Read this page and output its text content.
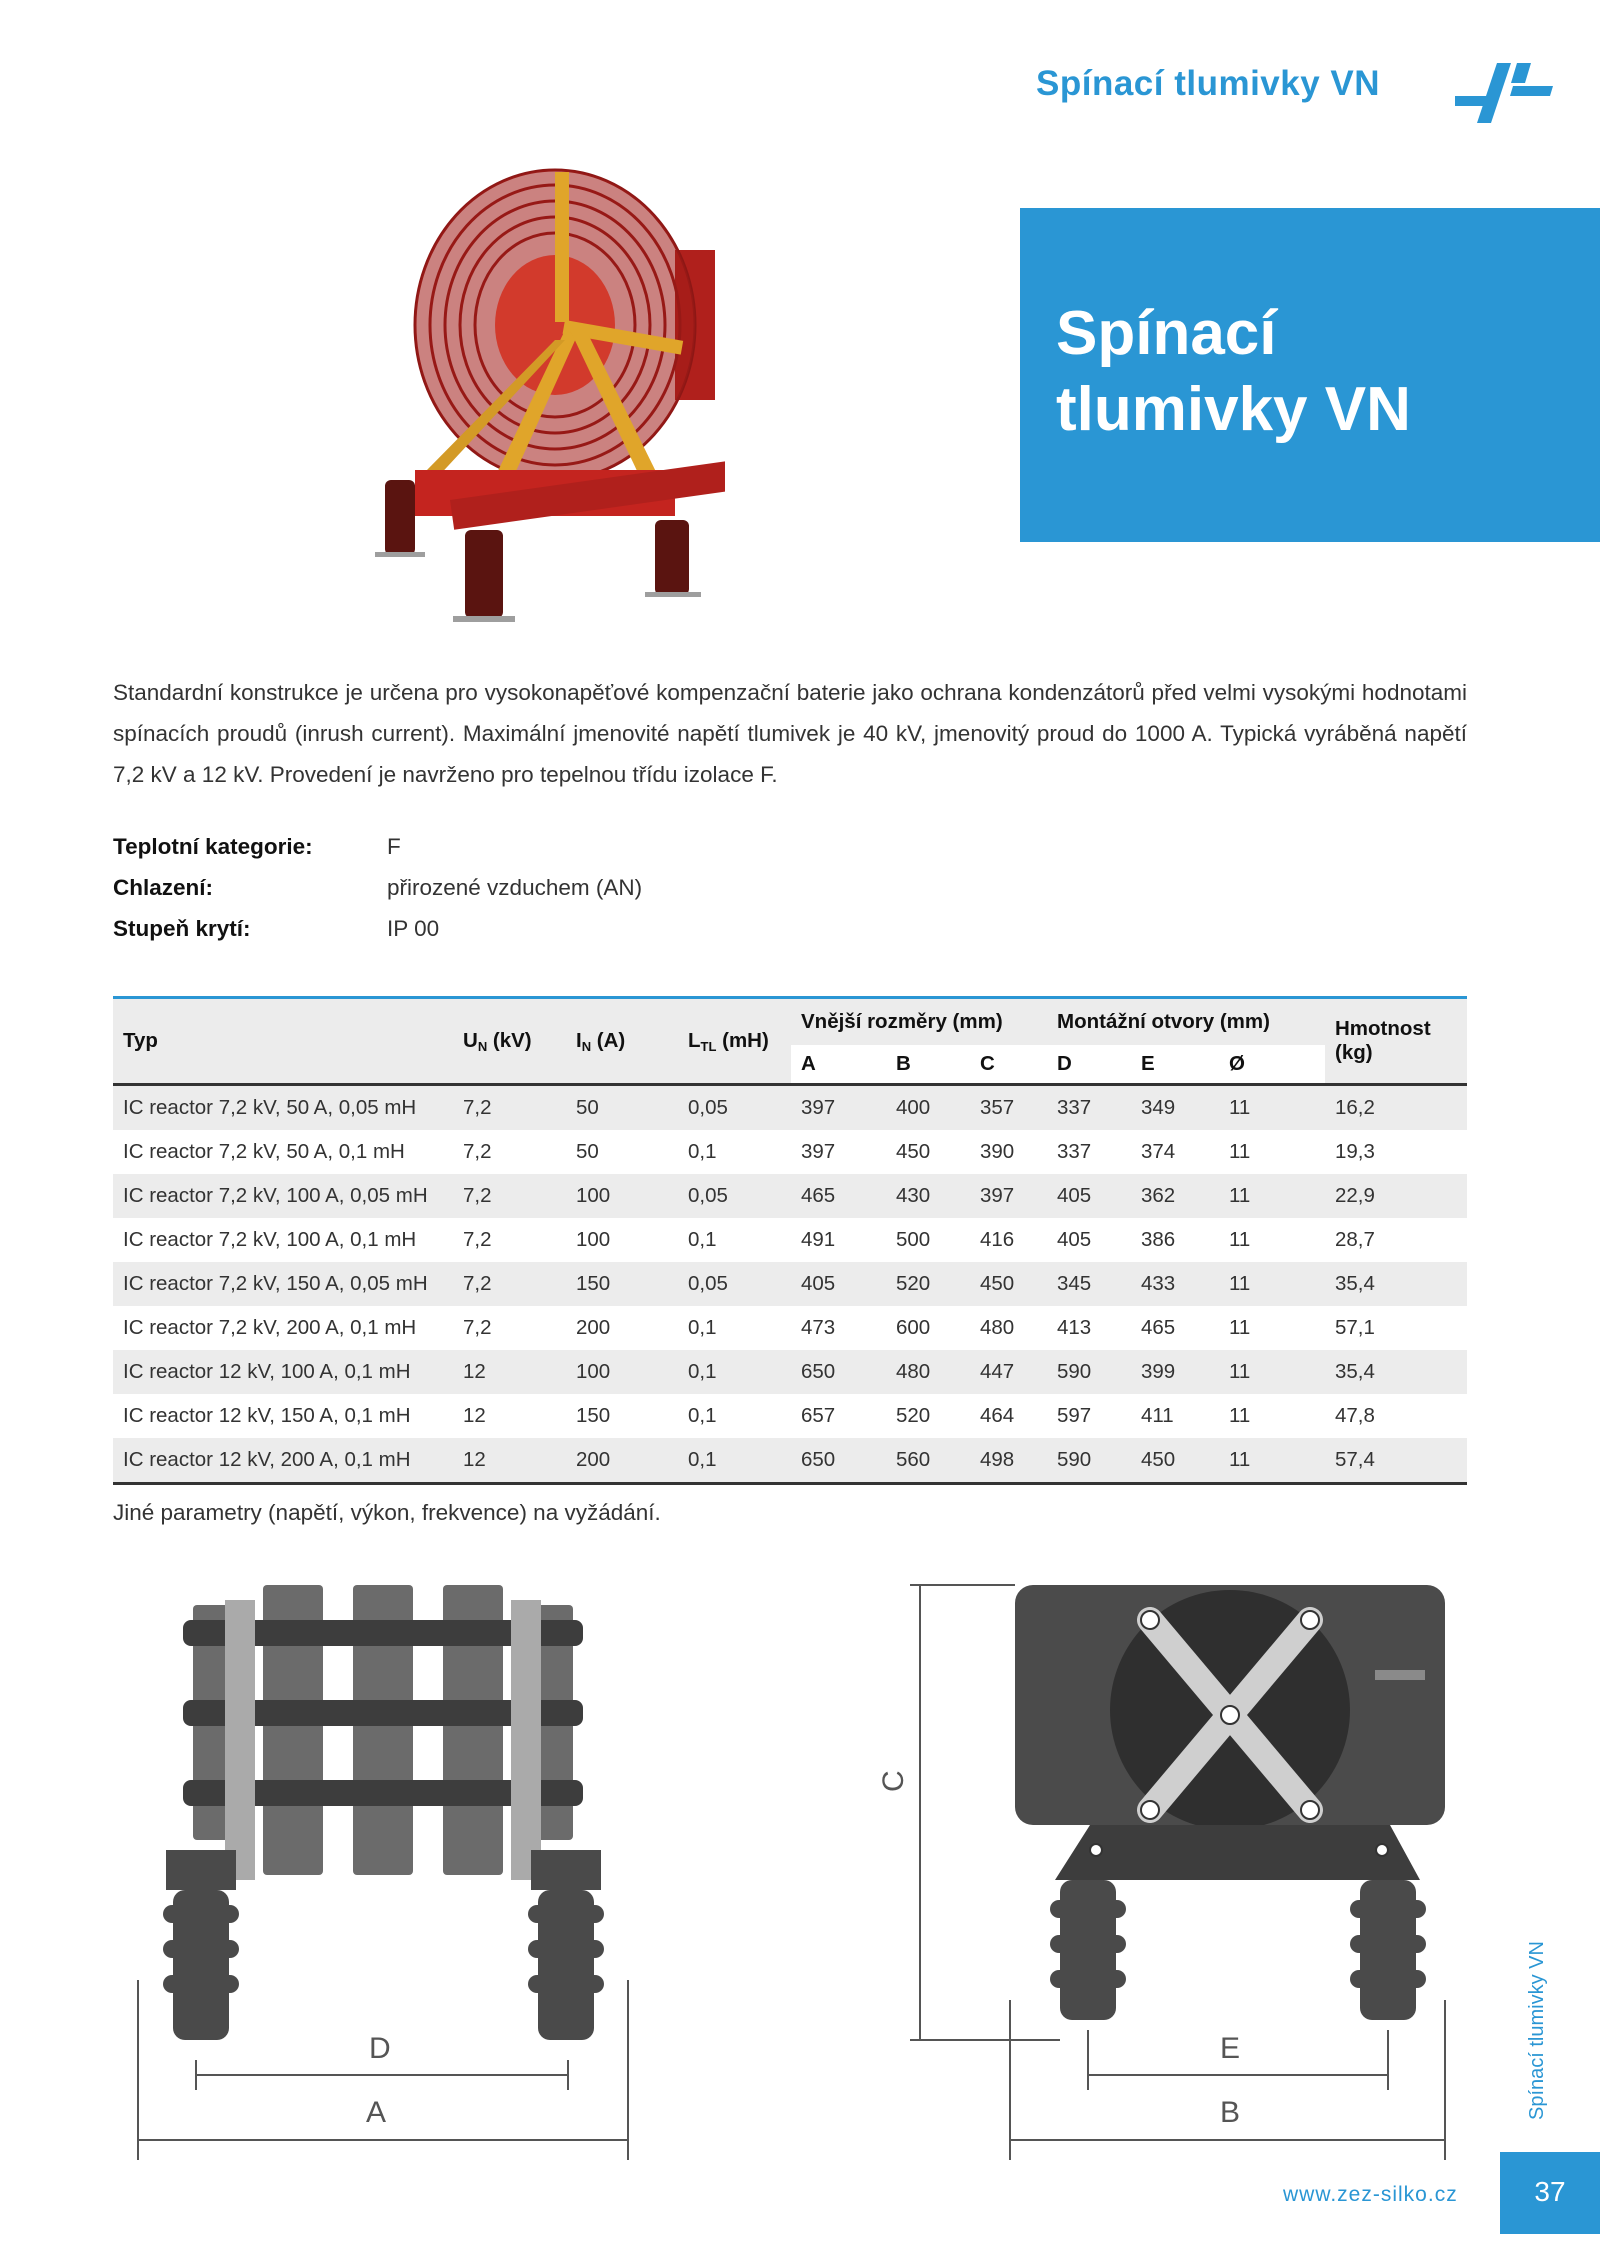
Spínací tlumivky VN
Spínací
tlumivky VN
Standardní konstrukce je určena pro vysokonapěťové kompenzační baterie jako ochrana kondenzátorů před velmi vysokými hodnotami spínacích proudů (inrush current). Maximální jmenovité napětí tlumivek je 40 kV, jmenovitý proud do 1000 A. Typická vyráběná napětí 7,2 kV a 12 kV. Provedení je navrženo pro tepelnou třídu izolace F.
Teplotní kategorie:	F
Chlazení:	přirozené vzduchem (AN)
Stupeň krytí:	IP 00
Typ	$U_N$ (kV)	$I_N$ (A)	$L_{TL}$ (mH)	Vnější rozměry (mm)			Montážní otvory (mm)			Hmotnost (kg)
				A	B	C	D	E	Ø	
IC reactor 7,2 kV, 50 A, 0,05 mH	7,2	50	0,05	397	400	357	337	349	11	16,2
IC reactor 7,2 kV, 50 A, 0,1 mH	7,2	50	0,1	397	450	390	337	374	11	19,3
IC reactor 7,2 kV, 100 A, 0,05 mH	7,2	100	0,05	465	430	397	405	362	11	22,9
IC reactor 7,2 kV, 100 A, 0,1 mH	7,2	100	0,1	491	500	416	405	386	11	28,7
IC reactor 7,2 kV, 150 A, 0,05 mH	7,2	150	0,05	405	520	450	345	433	11	35,4
IC reactor 7,2 kV, 200 A, 0,1 mH	7,2	200	0,1	473	600	480	413	465	11	57,1
IC reactor 12 kV, 100 A, 0,1 mH	12	100	0,1	650	480	447	590	399	11	35,4
IC reactor 12 kV, 150 A, 0,1 mH	12	150	0,1	657	520	464	597	411	11	47,8
IC reactor 12 kV, 200 A, 0,1 mH	12	200	0,1	650	560	498	590	450	11	57,4
Jiné parametry (napětí, výkon, frekvence) na vyžádání.
D
A
C
E
B	Spínací tlumivky VN
www.zez-silko.cz	37
